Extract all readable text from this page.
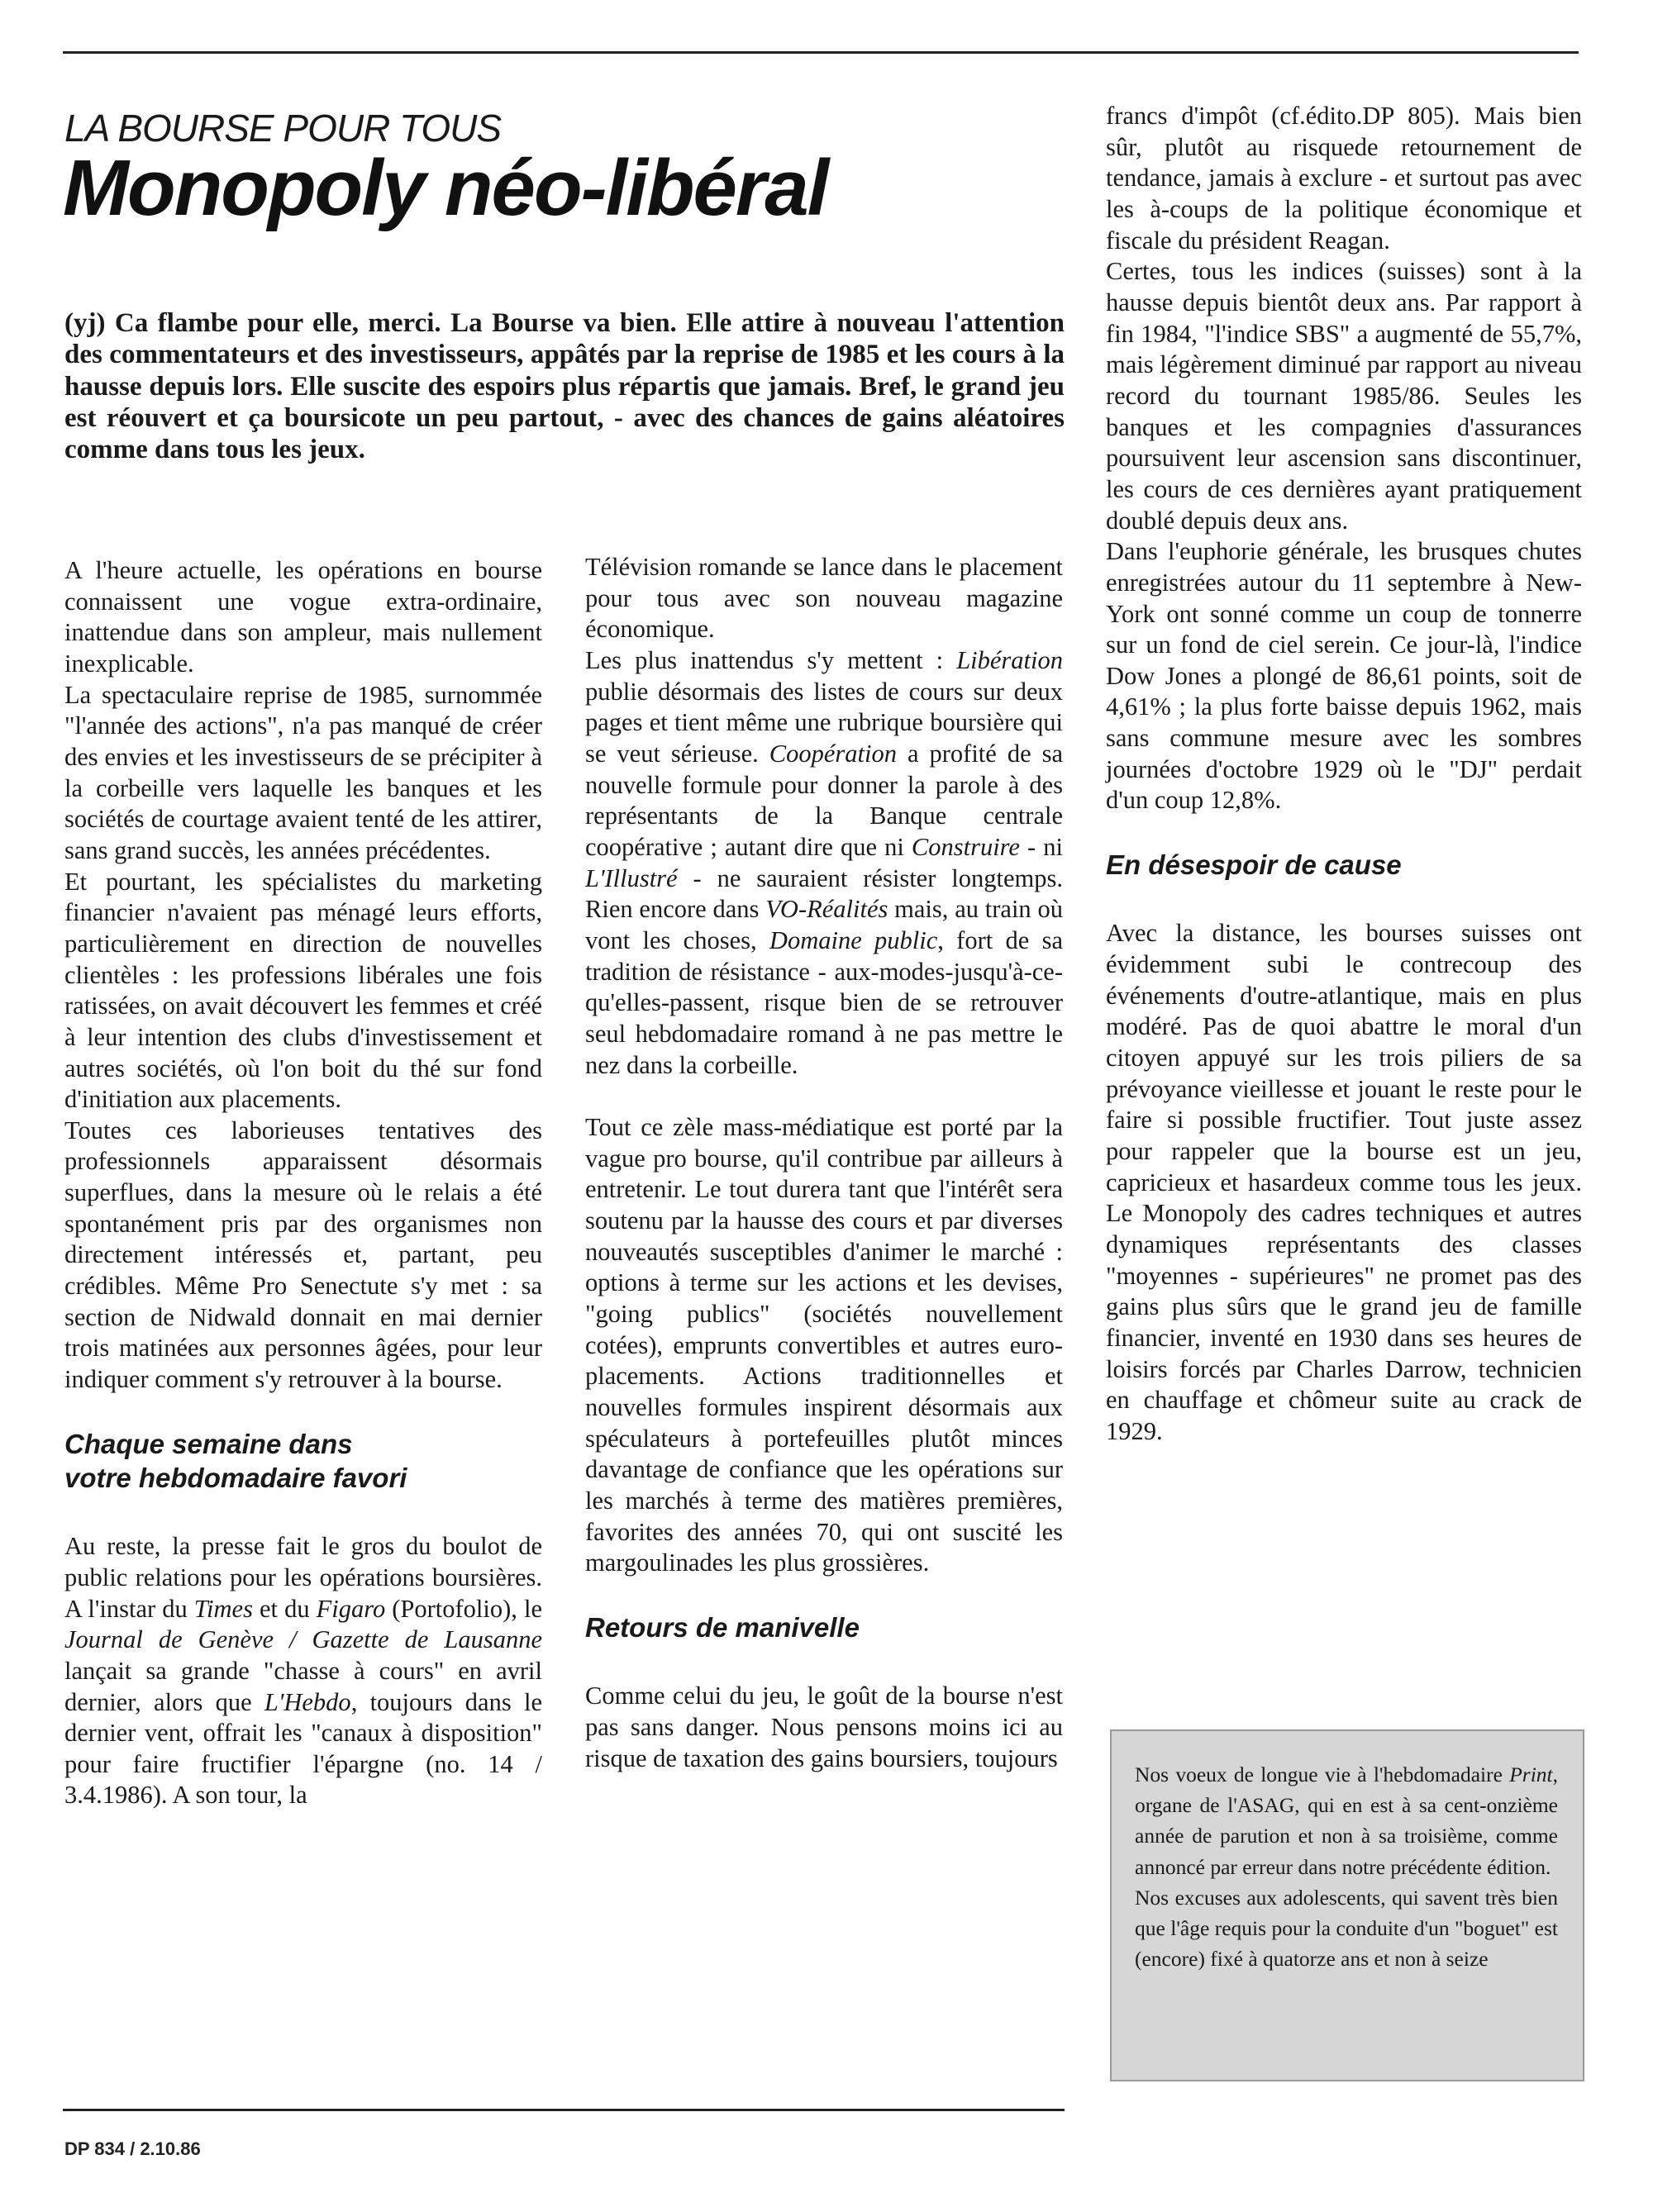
LA BOURSE POUR TOUS
Monopoly néo-libéral
(yj) Ca flambe pour elle, merci. La Bourse va bien. Elle attire à nouveau l'attention des commentateurs et des investisseurs, appâtés par la reprise de 1985 et les cours à la hausse depuis lors. Elle suscite des espoirs plus répartis que jamais. Bref, le grand jeu est réouvert et ça boursicote un peu partout, - avec des chances de gains aléatoires comme dans tous les jeux.

A l'heure actuelle, les opérations en bourse connaissent une vogue extra-ordinaire, inattendue dans son ampleur, mais nullement inexplicable.

La spectaculaire reprise de 1985, surnommée "l'année des actions", n'a pas manqué de créer des envies et les investisseurs de se précipiter à la corbeille vers laquelle les banques et les sociétés de courtage avaient tenté de les attirer, sans grand succès, les années précédentes.

Et pourtant, les spécialistes du marketing financier n'avaient pas ménagé leurs efforts, particulièrement en direction de nouvelles clientèles : les professions libérales une fois ratissées, on avait découvert les femmes et créé à leur intention des clubs d'investissement et autres sociétés, où l'on boit du thé sur fond d'initiation aux placements.

Toutes ces laborieuses tentatives des professionnels apparaissent désormais superflues, dans la mesure où le relais a été spontanément pris par des organismes non directement intéressés et, partant, peu crédibles. Même Pro Senectute s'y met : sa section de Nidwald donnait en mai dernier trois matinées aux personnes âgées, pour leur indiquer comment s'y retrouver à la bourse.

Chaque semaine dans
votre hebdomadaire favori

Au reste, la presse fait le gros du boulot de public relations pour les opérations boursières. A l'instar du Times et du Figaro (Portofolio), le Journal de Genève / Gazette de Lausanne lançait sa grande "chasse à cours" en avril dernier, alors que L'Hebdo, toujours dans le dernier vent, offrait les "canaux à disposition" pour faire fructifier l'épargne (no. 14 / 3.4.1986). A son tour, la

Télévision romande se lance dans le placement pour tous avec son nouveau magazine économique.

Les plus inattendus s'y mettent : Libération publie désormais des listes de cours sur deux pages et tient même une rubrique boursière qui se veut sérieuse. Coopération a profité de sa nouvelle formule pour donner la parole à des représentants de la Banque centrale coopérative ; autant dire que ni Construire - ni L'Illustré - ne sauraient résister longtemps. Rien encore dans VO-Réalités mais, au train où vont les choses, Domaine public, fort de sa tradition de résistance - aux-modes-jusqu'à-ce-qu'elles-passent, risque bien de se retrouver seul hebdomadaire romand à ne pas mettre le nez dans la corbeille.

Tout ce zèle mass-médiatique est porté par la vague pro bourse, qu'il contribue par ailleurs à entretenir. Le tout durera tant que l'intérêt sera soutenu par la hausse des cours et par diverses nouveautés susceptibles d'animer le marché : options à terme sur les actions et les devises, "going publics" (sociétés nouvellement cotées), emprunts convertibles et autres euro-placements. Actions traditionnelles et nouvelles formules inspirent désormais aux spéculateurs à portefeuilles plutôt minces davantage de confiance que les opérations sur les marchés à terme des matières premières, favorites des années 70, qui ont suscité les margoulinades les plus grossières.

Retours de manivelle

Comme celui du jeu, le goût de la bourse n'est pas sans danger. Nous pensons moins ici au risque de taxation des gains boursiers, toujours

francs d'impôt (cf.édito.DP 805). Mais bien sûr, plutôt au risquede retournement de tendance, jamais à exclure - et surtout pas avec les à-coups de la politique économique et fiscale du président Reagan.

Certes, tous les indices (suisses) sont à la hausse depuis bientôt deux ans. Par rapport à fin 1984, "l'indice SBS" a augmenté de 55,7%, mais légèrement diminué par rapport au niveau record du tournant 1985/86. Seules les banques et les compagnies d'assurances poursuivent leur ascension sans discontinuer, les cours de ces dernières ayant pratiquement doublé depuis deux ans.

Dans l'euphorie générale, les brusques chutes enregistrées autour du 11 septembre à New-York ont sonné comme un coup de tonnerre sur un fond de ciel serein. Ce jour-là, l'indice Dow Jones a plongé de 86,61 points, soit de 4,61% ; la plus forte baisse depuis 1962, mais sans commune mesure avec les sombres journées d'octobre 1929 où le "DJ" perdait d'un coup 12,8%.

En désespoir de cause

Avec la distance, les bourses suisses ont évidemment subi le contrecoup des événements d'outre-atlantique, mais en plus modéré. Pas de quoi abattre le moral d'un citoyen appuyé sur les trois piliers de sa prévoyance vieillesse et jouant le reste pour le faire si possible fructifier. Tout juste assez pour rappeler que la bourse est un jeu, capricieux et hasardeux comme tous les jeux. Le Monopoly des cadres techniques et autres dynamiques représentants des classes "moyennes - supérieures" ne promet pas des gains plus sûrs que le grand jeu de famille financier, inventé en 1930 dans ses heures de loisirs forcés par Charles Darrow, technicien en chauffage et chômeur suite au crack de 1929.

Nos voeux de longue vie à l'hebdomadaire Print, organe de l'ASAG, qui en est à sa cent-onzième année de parution et non à sa troisième, comme annoncé par erreur dans notre précédente édition.

Nos excuses aux adolescents, qui savent très bien que l'âge requis pour la conduite d'un "boguet" est (encore) fixé à quatorze ans et non à seize

DP 834 / 2.10.86
